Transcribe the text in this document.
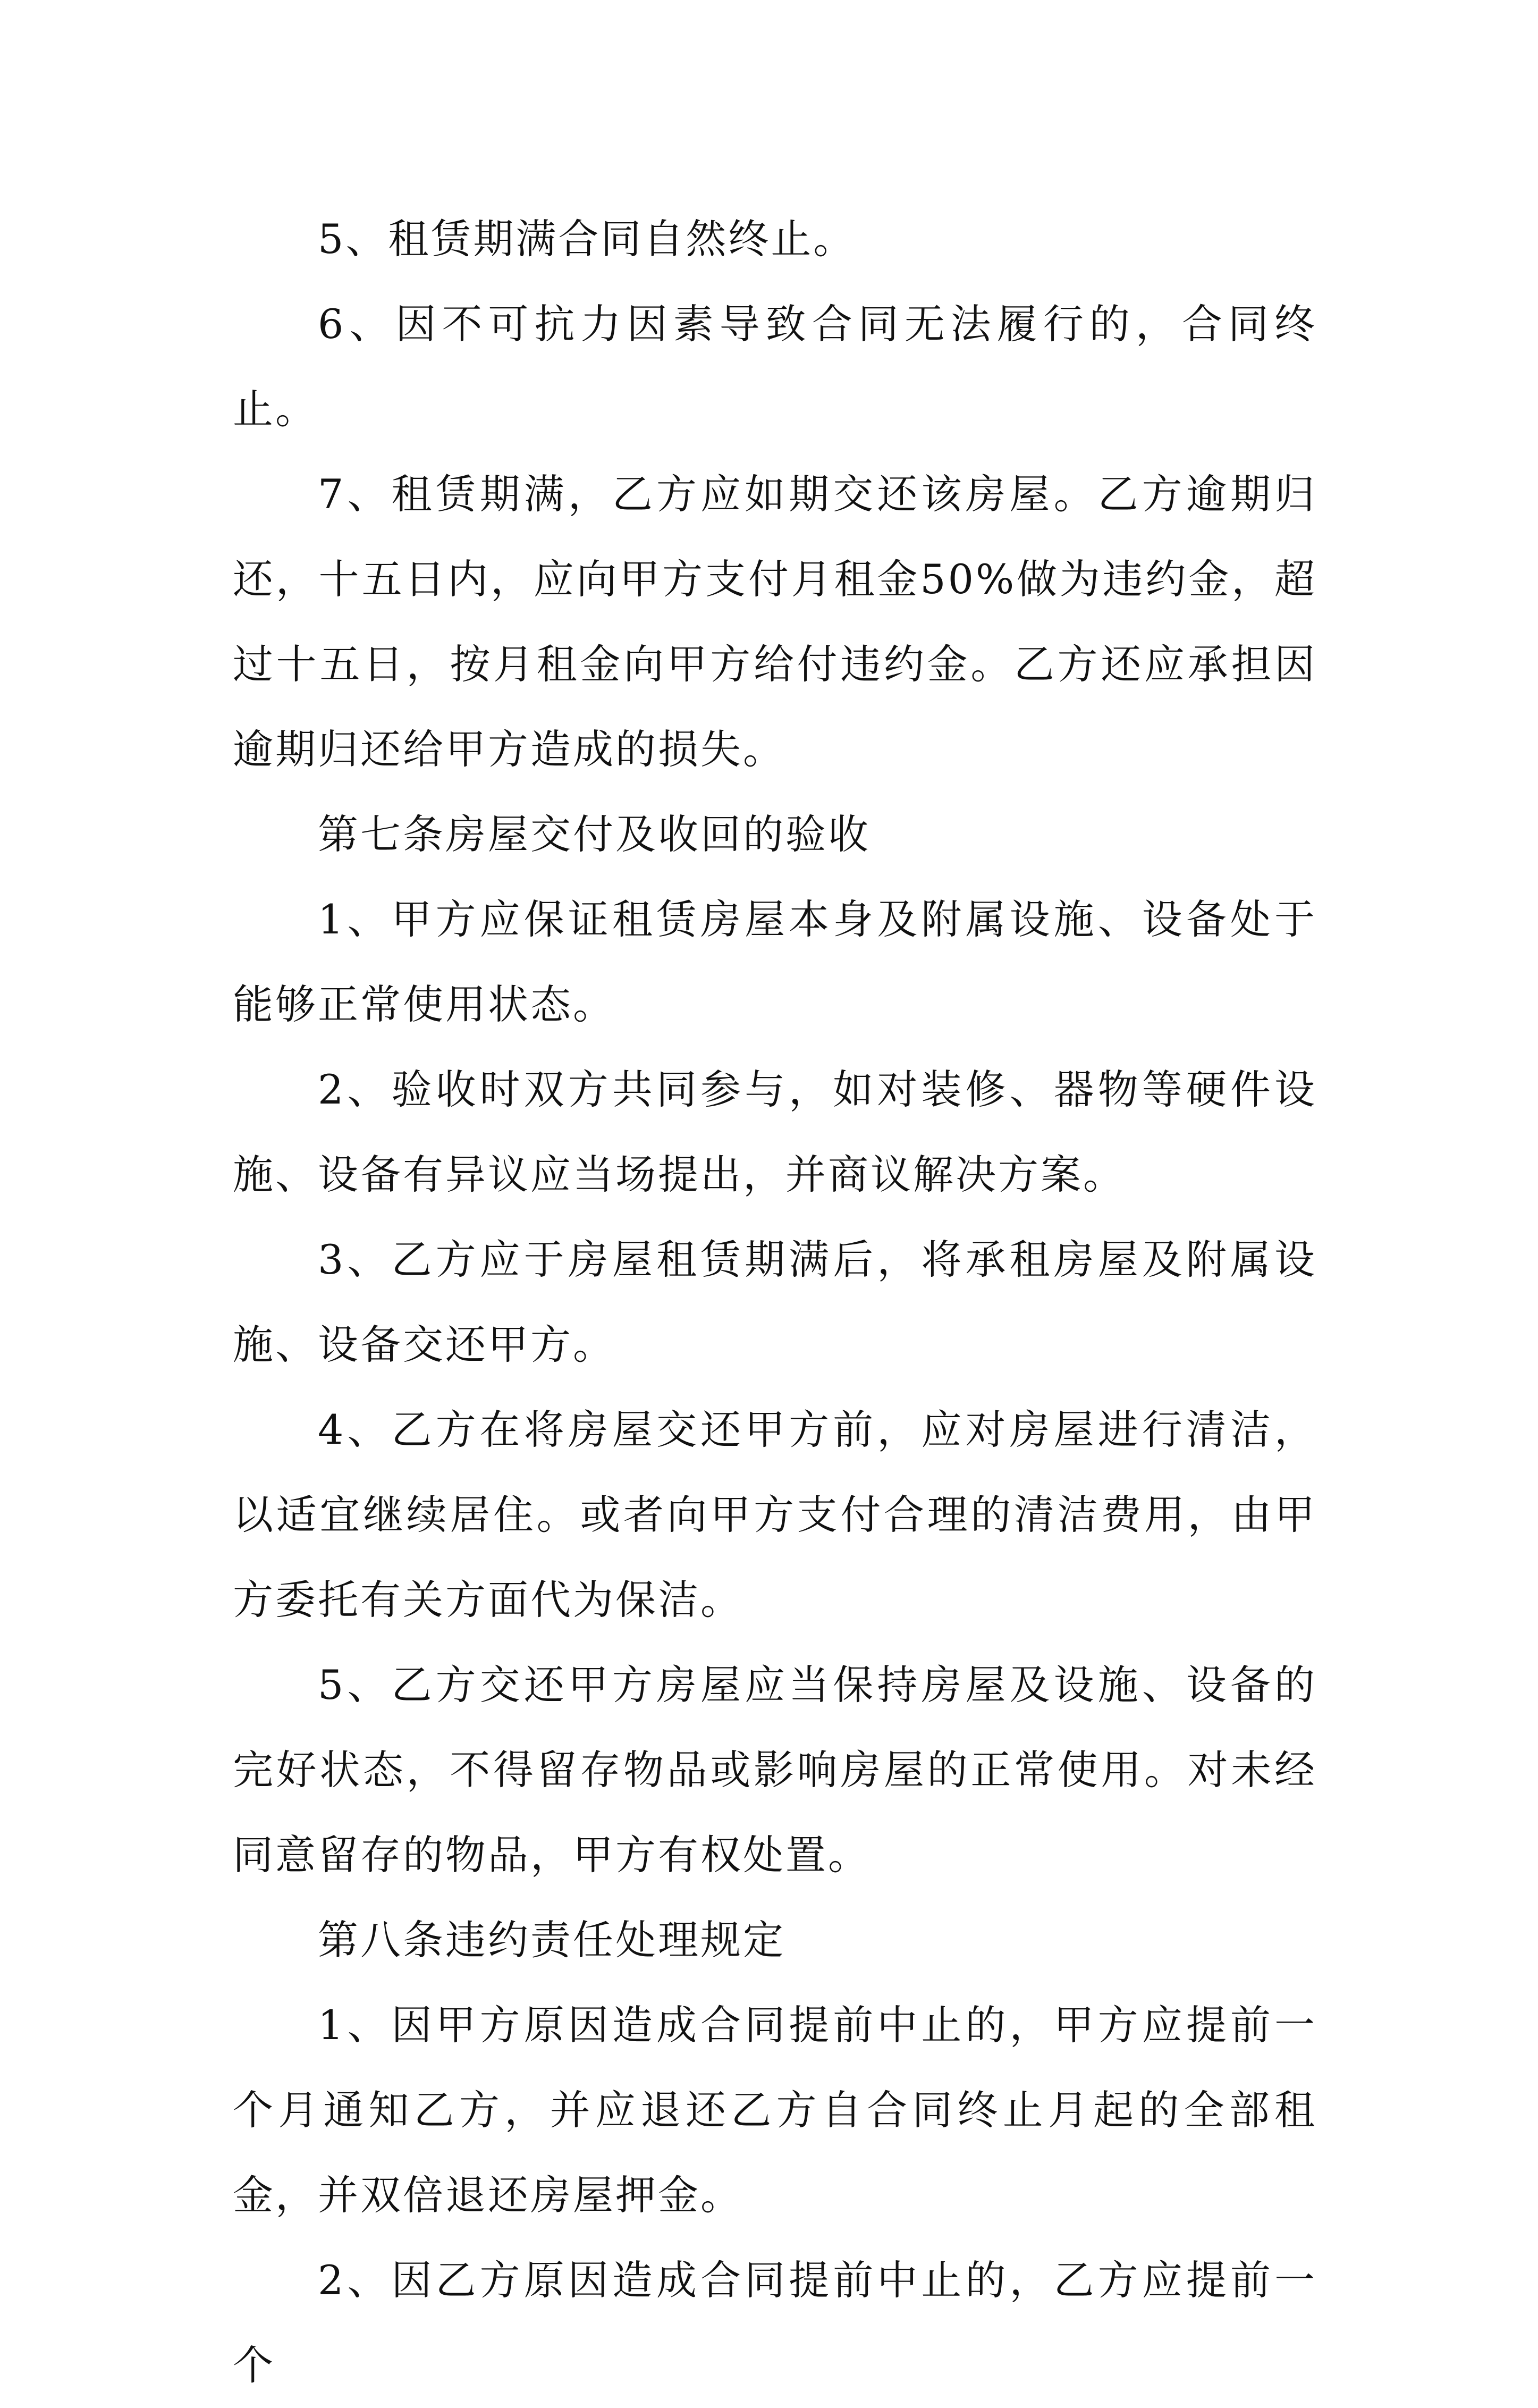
5、租赁期满合同自然终止。

6、因不可抗力因素导致合同无法履行的，合同终止。

7、租赁期满，乙方应如期交还该房屋。乙方逾期归还，十五日内，应向甲方支付月租金50%做为违约金，超过十五日，按月租金向甲方给付违约金。乙方还应承担因逾期归还给甲方造成的损失。

第七条房屋交付及收回的验收

1、甲方应保证租赁房屋本身及附属设施、设备处于能够正常使用状态。

2、验收时双方共同参与，如对装修、器物等硬件设施、设备有异议应当场提出，并商议解决方案。

3、乙方应于房屋租赁期满后，将承租房屋及附属设施、设备交还甲方。

4、乙方在将房屋交还甲方前，应对房屋进行清洁，以适宜继续居住。或者向甲方支付合理的清洁费用，由甲方委托有关方面代为保洁。

5、乙方交还甲方房屋应当保持房屋及设施、设备的完好状态，不得留存物品或影响房屋的正常使用。对未经同意留存的物品，甲方有权处置。

第八条违约责任处理规定

1、因甲方原因造成合同提前中止的，甲方应提前一个月通知乙方，并应退还乙方自合同终止月起的全部租金，并双倍退还房屋押金。

2、因乙方原因造成合同提前中止的，乙方应提前一个
